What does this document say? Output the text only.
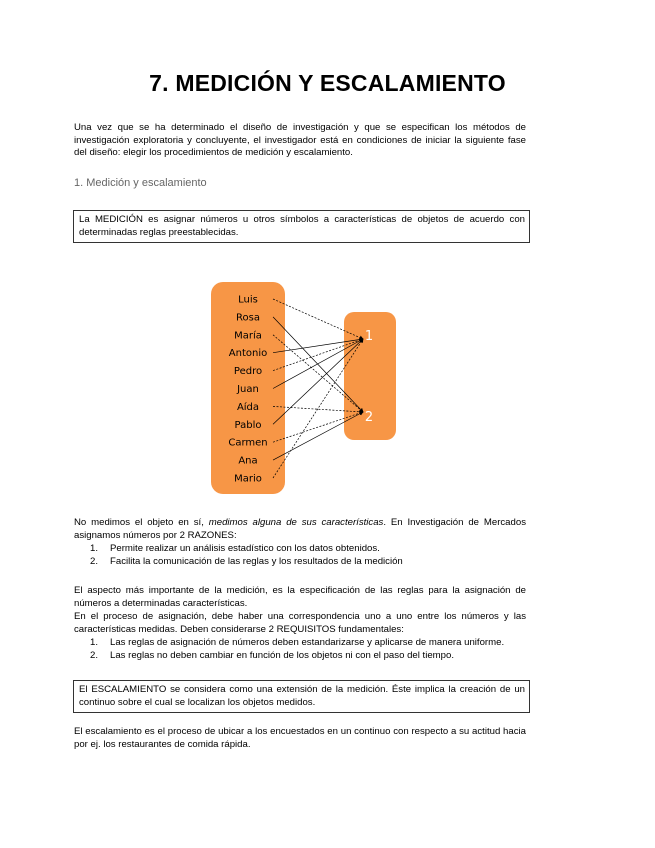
7. MEDICIÓN Y ESCALAMIENTO
Una vez que se ha determinado el diseño de investigación y que se especifican los métodos de investigación exploratoria y concluyente, el investigador está en condiciones de iniciar la siguiente fase del diseño: elegir los procedimientos de medición y escalamiento.
1. Medición y escalamiento
La MEDICIÓN es asignar números u otros símbolos a características de objetos de acuerdo con determinadas reglas preestablecidas.
Luis
Rosa
María
Antonio
Pedro
Juan
Aída
Pablo
Carmen
Ana
Mario
1
2
No medimos el objeto en sí, medimos alguna de sus características. En Investigación de Mercados asignamos números por 2 RAZONES:
1. Permite realizar un análisis estadístico con los datos obtenidos.
2. Facilita la comunicación de las reglas y los resultados de la medición
El aspecto más importante de la medición, es la especificación de las reglas para la asignación de números a determinadas características.
En el proceso de asignación, debe haber una correspondencia uno a uno entre los números y las características medidas. Deben considerarse 2 REQUISITOS fundamentales:
1. Las reglas de asignación de números deben estandarizarse y aplicarse de manera uniforme.
2. Las reglas no deben cambiar en función de los objetos ni con el paso del tiempo.
El ESCALAMIENTO se considera como una extensión de la medición. Éste implica la creación de un continuo sobre el cual se localizan los objetos medidos.
El escalamiento es el proceso de ubicar a los encuestados en un continuo con respecto a su actitud hacia por ej. los restaurantes de comida rápida.
